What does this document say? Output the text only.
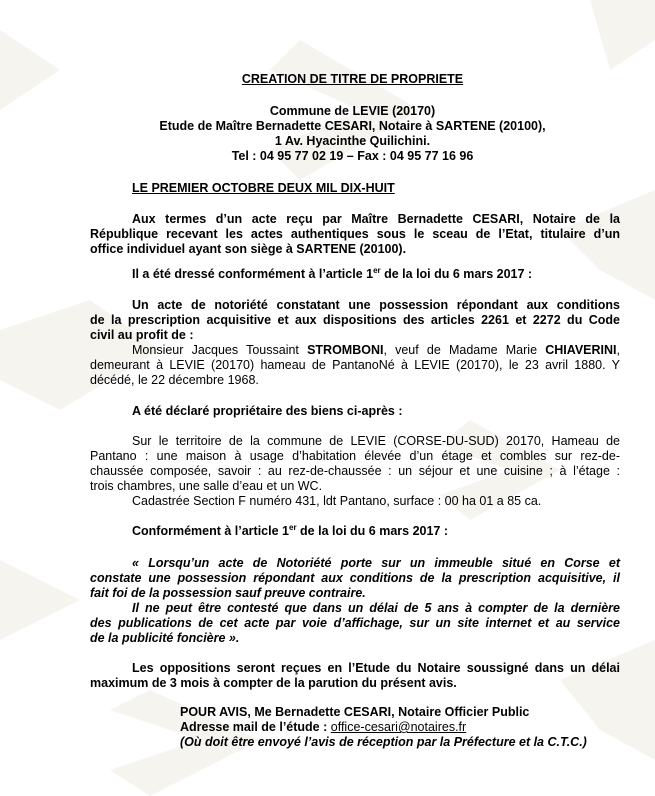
CREATION DE TITRE DE PROPRIETE
Commune de LEVIE (20170)
Etude de Maître Bernadette CESARI, Notaire à SARTENE (20100),
1 Av. Hyacinthe Quilichini.
Tel : 04 95 77 02 19 – Fax : 04 95 77 16 96
LE PREMIER OCTOBRE DEUX MIL DIX-HUIT
Aux termes d’un acte reçu par Maître Bernadette CESARI, Notaire de la
République recevant les actes authentiques sous le sceau de l’Etat, titulaire d’un
office individuel ayant son siège à SARTENE (20100).
Il a été dressé conformément à l’article 1er de la loi du 6 mars 2017 :
Un acte de notoriété constatant une possession répondant aux conditions
de la prescription acquisitive et aux dispositions des articles 2261 et 2272 du Code
civil au profit de :
Monsieur Jacques Toussaint STROMBONI, veuf de Madame Marie CHIAVERINI,
demeurant à LEVIE (20170) hameau de PantanoNé à LEVIE (20170), le 23 avril 1880. Y
décédé, le 22 décembre 1968.
A été déclaré propriétaire des biens ci-après :
Sur le territoire de la commune de LEVIE (CORSE-DU-SUD) 20170, Hameau de
Pantano : une maison à usage d’habitation élevée d’un étage et combles sur rez-de-
chaussée composée, savoir : au rez-de-chaussée : un séjour et une cuisine ; à l’étage :
trois chambres, une salle d’eau et un WC.
Cadastrée Section F numéro 431, ldt Pantano, surface : 00 ha 01 a 85 ca.
Conformément à l’article 1er de la loi du 6 mars 2017 :
« Lorsqu’un acte de Notoriété porte sur un immeuble situé en Corse et
constate une possession répondant aux conditions de la prescription acquisitive, il
fait foi de la possession sauf preuve contraire.
Il ne peut être contesté que dans un délai de 5 ans à compter de la dernière
des publications de cet acte par voie d’affichage, sur un site internet et au service
de la publicité foncière ».
Les oppositions seront reçues en l’Etude du Notaire soussigné dans un délai
maximum de 3 mois à compter de la parution du présent avis.
POUR AVIS, Me Bernadette CESARI, Notaire Officier Public
Adresse mail de l’étude : office-cesari@notaires.fr
(Où doit être envoyé l’avis de réception par la Préfecture et la C.T.C.)
